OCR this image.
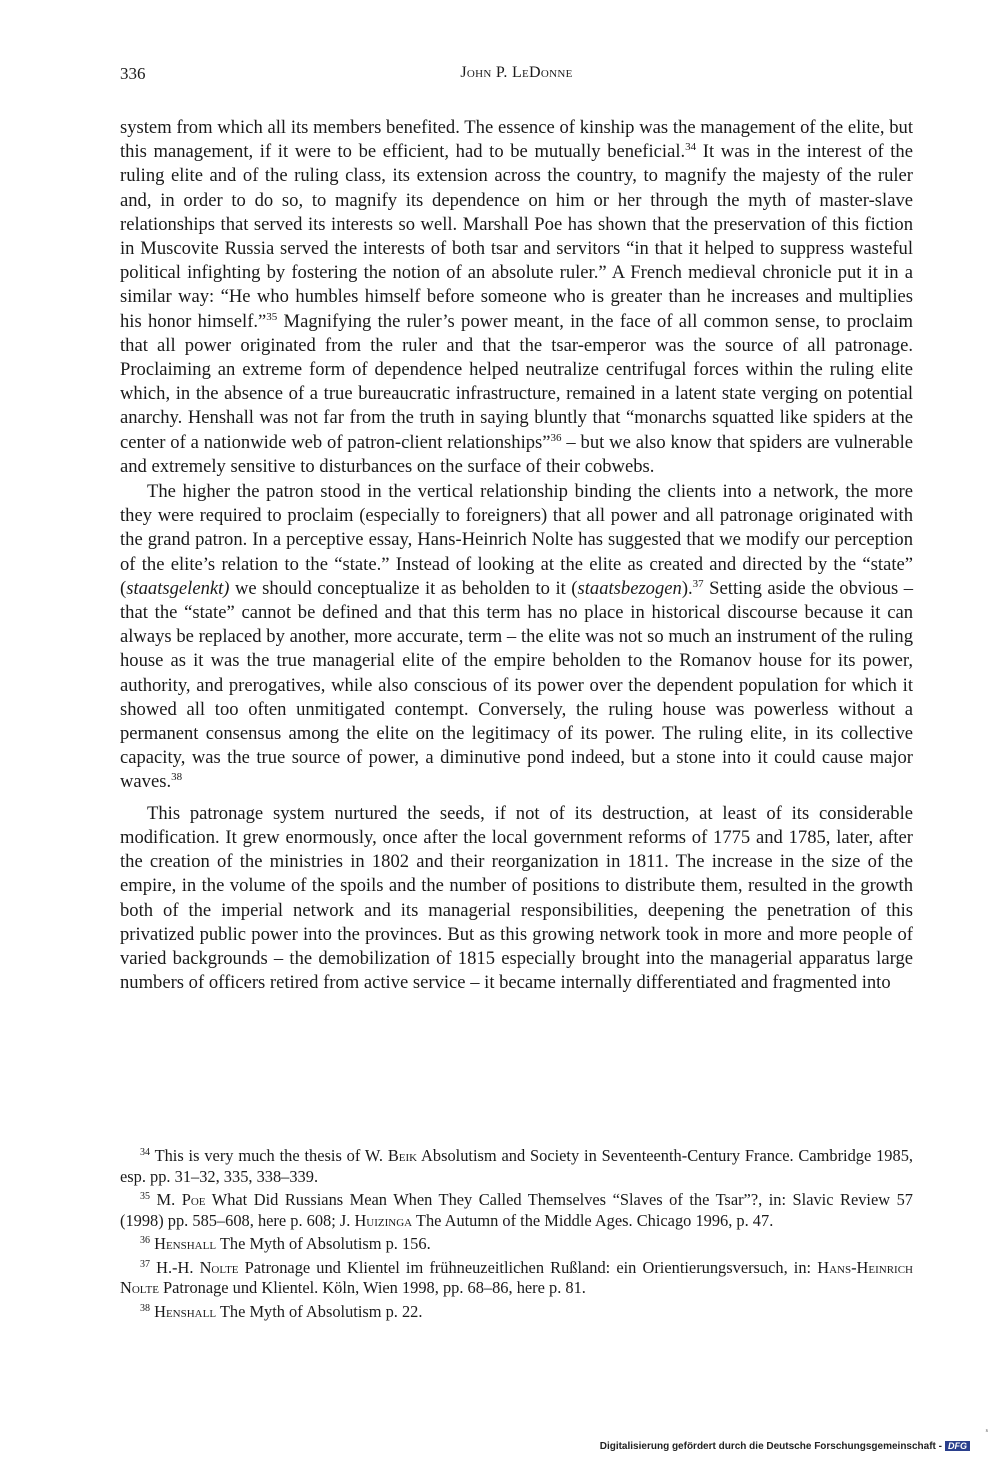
336	John P. LeDonne

system from which all its members benefited. The essence of kinship was the management of the elite, but this management, if it were to be efficient, had to be mutually beneficial.$^{34}$ It was in the interest of the ruling elite and of the ruling class, its extension across the country, to magnify the majesty of the ruler and, in order to do so, to magnify its dependence on him or her through the myth of master-slave relationships that served its interests so well. Marshall Poe has shown that the preservation of this fiction in Muscovite Russia served the interests of both tsar and servitors “in that it helped to suppress wasteful political infighting by fostering the notion of an absolute ruler.” A French medieval chronicle put it in a similar way: “He who humbles himself before someone who is greater than he increases and multiplies his honor himself.”$^{35}$ Magnifying the ruler’s power meant, in the face of all common sense, to proclaim that all power originated from the ruler and that the tsar-emperor was the source of all patronage. Proclaiming an extreme form of dependence helped neutralize centrifugal forces within the ruling elite which, in the absence of a true bureaucratic infrastructure, remained in a latent state verging on potential anarchy. Henshall was not far from the truth in saying bluntly that “monarchs squatted like spiders at the center of a nationwide web of patron-client relationships”$^{36}$ – but we also know that spiders are vulnerable and extremely sensitive to disturbances on the surface of their cobwebs.

The higher the patron stood in the vertical relationship binding the clients into a network, the more they were required to proclaim (especially to foreigners) that all power and all patronage originated with the grand patron. In a perceptive essay, Hans-Heinrich Nolte has suggested that we modify our perception of the elite’s relation to the “state.” Instead of looking at the elite as created and directed by the “state” (staatsgelenkt) we should conceptualize it as beholden to it (staatsbezogen).$^{37}$ Setting aside the obvious – that the “state” cannot be defined and that this term has no place in historical discourse because it can always be replaced by another, more accurate, term – the elite was not so much an instrument of the ruling house as it was the true managerial elite of the empire beholden to the Romanov house for its power, authority, and prerogatives, while also conscious of its power over the dependent population for which it showed all too often unmitigated contempt. Conversely, the ruling house was powerless without a permanent consensus among the elite on the legitimacy of its power. The ruling elite, in its collective capacity, was the true source of power, a diminutive pond indeed, but a stone into it could cause major waves.$^{38}$

This patronage system nurtured the seeds, if not of its destruction, at least of its considerable modification. It grew enormously, once after the local government reforms of 1775 and 1785, later, after the creation of the ministries in 1802 and their reorganization in 1811. The increase in the size of the empire, in the volume of the spoils and the number of positions to distribute them, resulted in the growth both of the imperial network and its managerial responsibilities, deepening the penetration of this privatized public power into the provinces. But as this growing network took in more and more people of varied backgrounds – the demobilization of 1815 especially brought into the managerial apparatus large numbers of officers retired from active service – it became internally differentiated and fragmented into

$^{34}$ This is very much the thesis of W. Beik Absolutism and Society in Seventeenth-Century France. Cambridge 1985, esp. pp. 31–32, 335, 338–339.

$^{35}$ M. Poe What Did Russians Mean When They Called Themselves “Slaves of the Tsar”?, in: Slavic Review 57 (1998) pp. 585–608, here p. 608; J. Huizinga The Autumn of the Middle Ages. Chicago 1996, p. 47.

$^{36}$ Henshall The Myth of Absolutism p. 156.

$^{37}$ H.-H. Nolte Patronage und Klientel im frühneuzeitlichen Rußland: ein Orientierungsversuch, in: Hans-Heinrich Nolte Patronage und Klientel. Köln, Wien 1998, pp. 68–86, here p. 81.

$^{38}$ Henshall The Myth of Absolutism p. 22.

s
Digitalisierung gefördert durch die Deutsche Forschungsgemeinschaft - DFG
